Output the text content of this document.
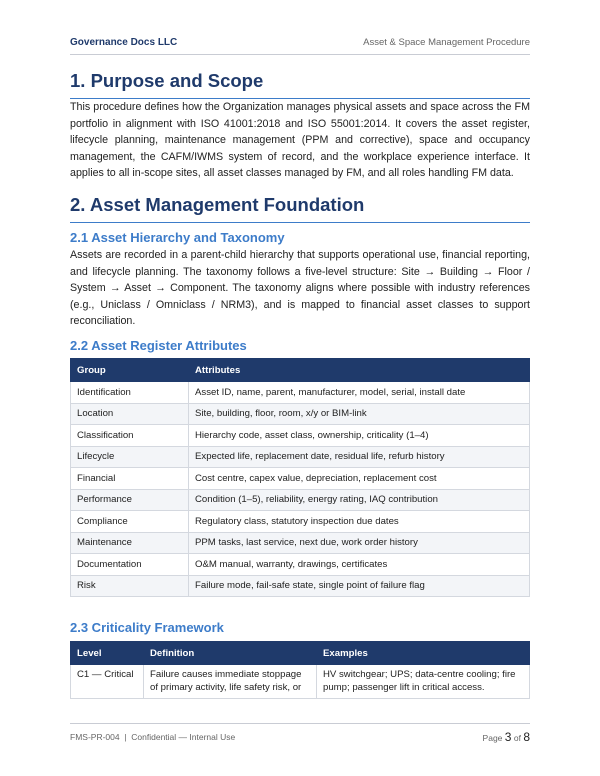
Governance Docs LLC	Asset & Space Management Procedure
1. Purpose and Scope

This procedure defines how the Organization manages physical assets and space across the FM portfolio in alignment with ISO 41001:2018 and ISO 55001:2014. It covers the asset register, lifecycle planning, maintenance management (PPM and corrective), space and occupancy management, the CAFM/IWMS system of record, and the workplace experience interface. It applies to all in-scope sites, all asset classes managed by FM, and all roles handling FM data.

2. Asset Management Foundation
2.1 Asset Hierarchy and Taxonomy

Assets are recorded in a parent-child hierarchy that supports operational use, financial reporting, and lifecycle planning. The taxonomy follows a five-level structure: Site → Building → Floor / System → Asset → Component. The taxonomy aligns where possible with industry references (e.g., Uniclass / Omniclass / NRM3), and is mapped to financial asset classes to support reconciliation.

2.2 Asset Register Attributes
Group	Attributes
Identification	Asset ID, name, parent, manufacturer, model, serial, install date
Location	Site, building, floor, room, x/y or BIM-link
Classification	Hierarchy code, asset class, ownership, criticality (1–4)
Lifecycle	Expected life, replacement date, residual life, refurb history
Financial	Cost centre, capex value, depreciation, replacement cost
Performance	Condition (1–5), reliability, energy rating, IAQ contribution
Compliance	Regulatory class, statutory inspection due dates
Maintenance	PPM tasks, last service, next due, work order history
Documentation	O&M manual, warranty, drawings, certificates
Risk	Failure mode, fail-safe state, single point of failure flag
2.3 Criticality Framework
Level	Definition	Examples
C1 — Critical	Failure causes immediate stoppage of primary activity, life safety risk, or	HV switchgear; UPS; data-centre cooling; fire pump; passenger lift in critical access.
FMS-PR-004 | Confidential — Internal Use	Page 3 of 8
